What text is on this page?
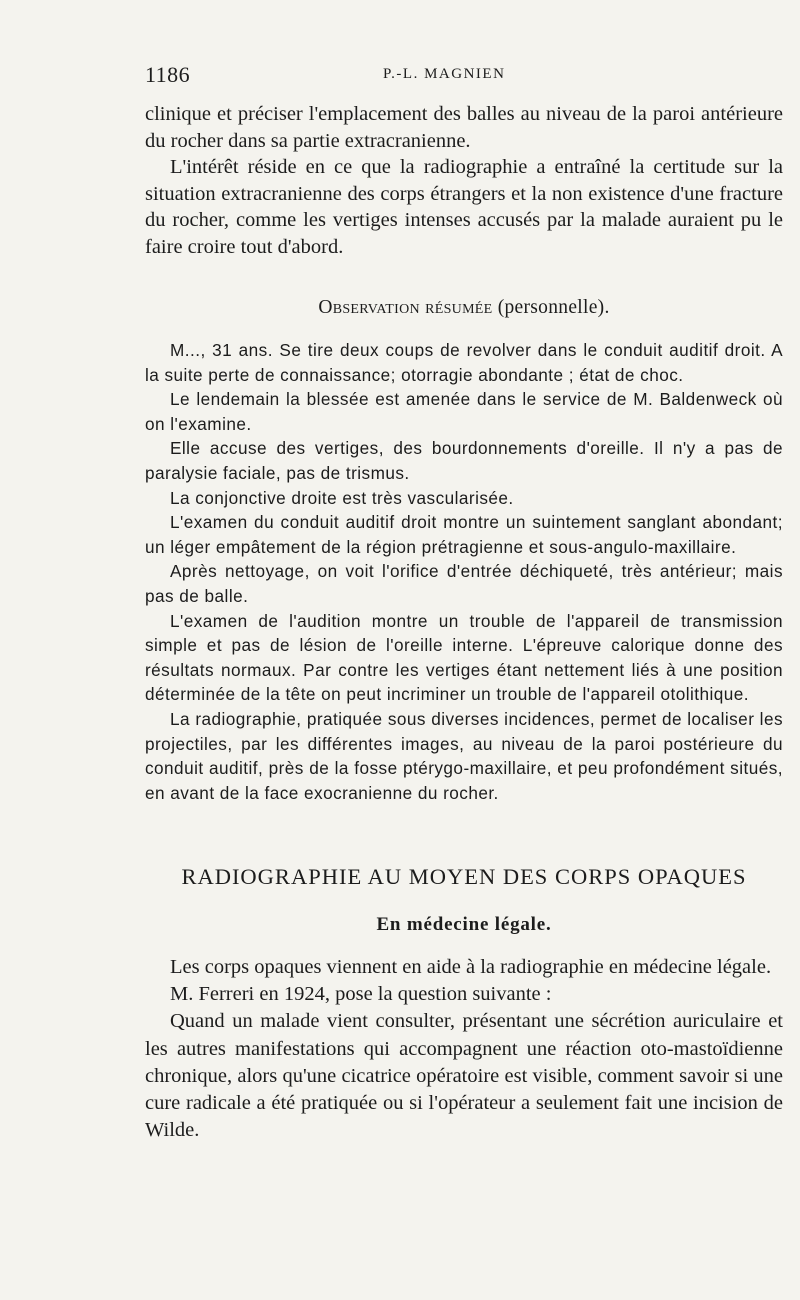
1186	P.-L. MAGNIEN

clinique et préciser l'emplacement des balles au niveau de la paroi antérieure du rocher dans sa partie extracranienne.

L'intérêt réside en ce que la radiographie a entraîné la certitude sur la situation extracranienne des corps étrangers et la non existence d'une fracture du rocher, comme les vertiges intenses accusés par la malade auraient pu le faire croire tout d'abord.

Observation résumée (personnelle).

M..., 31 ans. Se tire deux coups de revolver dans le conduit auditif droit. A la suite perte de connaissance; otorragie abondante ; état de choc.

Le lendemain la blessée est amenée dans le service de M. Baldenweck où on l'examine.

Elle accuse des vertiges, des bourdonnements d'oreille. Il n'y a pas de paralysie faciale, pas de trismus.

La conjonctive droite est très vascularisée.

L'examen du conduit auditif droit montre un suintement sanglant abondant; un léger empâtement de la région prétragienne et sous-angulo-maxillaire.

Après nettoyage, on voit l'orifice d'entrée déchiqueté, très antérieur; mais pas de balle.

L'examen de l'audition montre un trouble de l'appareil de transmission simple et pas de lésion de l'oreille interne. L'épreuve calorique donne des résultats normaux. Par contre les vertiges étant nettement liés à une position déterminée de la tête on peut incriminer un trouble de l'appareil otolithique.

La radiographie, pratiquée sous diverses incidences, permet de localiser les projectiles, par les différentes images, au niveau de la paroi postérieure du conduit auditif, près de la fosse ptérygo-maxillaire, et peu profondément situés, en avant de la face exocranienne du rocher.

RADIOGRAPHIE AU MOYEN DES CORPS OPAQUES
En médecine légale.

Les corps opaques viennent en aide à la radiographie en médecine légale.

M. Ferreri en 1924, pose la question suivante :

Quand un malade vient consulter, présentant une sécrétion auriculaire et les autres manifestations qui accompagnent une réaction oto-mastoïdienne chronique, alors qu'une cicatrice opératoire est visible, comment savoir si une cure radicale a été pratiquée ou si l'opérateur a seulement fait une incision de Wilde.
